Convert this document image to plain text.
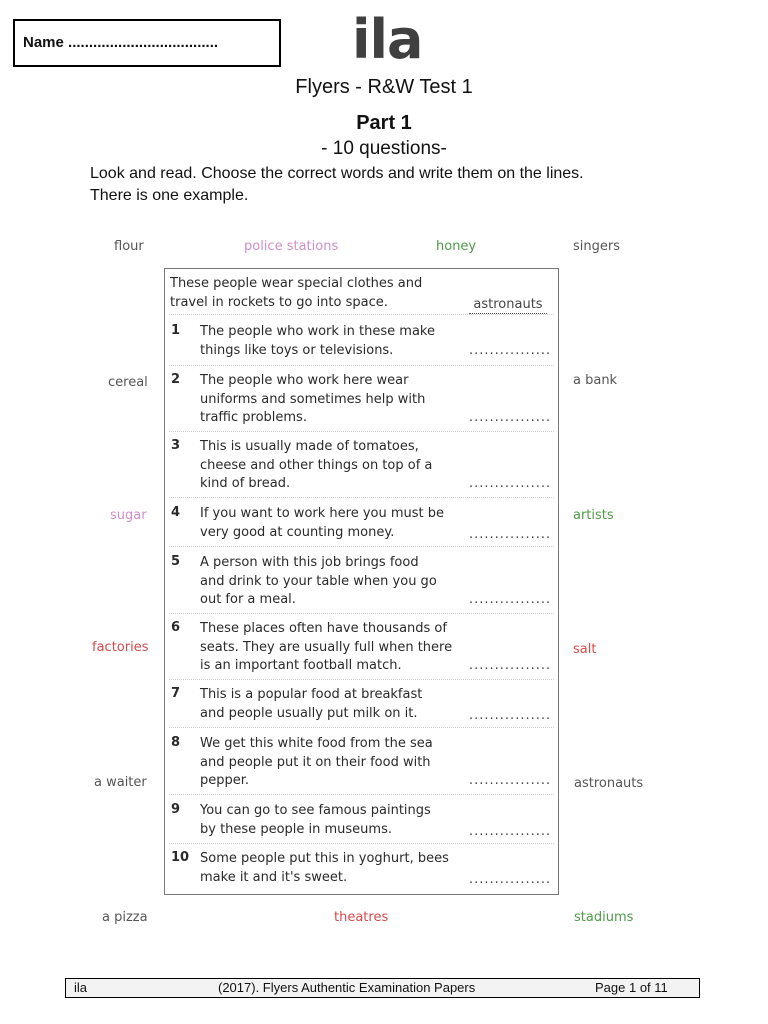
Name ....................................	ila
Flyers - R&W Test 1
Part 1
- 10 questions-
Look and read. Choose the correct words and write them on the lines.
There is one example.
flour	police stations	honey	singers
cereal	a bank
sugar	artists
factories	salt
a waiter	astronauts
a pizza	theatres	stadiums
These people wear special clothes and
travel in rockets to go into space.	astronauts
1 The people who work in these make
things like toys or televisions.	................
2 The people who work here wear
uniforms and sometimes help with
traffic problems.	................
3 This is usually made of tomatoes,
cheese and other things on top of a
kind of bread.	................
4 If you want to work here you must be
very good at counting money.	................
5 A person with this job brings food
and drink to your table when you go
out for a meal.	................
6 These places often have thousands of
seats. They are usually full when there
is an important football match.	................
7 This is a popular food at breakfast
and people usually put milk on it.	................
8 We get this white food from the sea
and people put it on their food with
pepper.	................
9 You can go to see famous paintings
by these people in museums.	................
10 Some people put this in yoghurt, bees
make it and it's sweet.	................
ila	(2017). Flyers Authentic Examination Papers	Page 1 of 11
